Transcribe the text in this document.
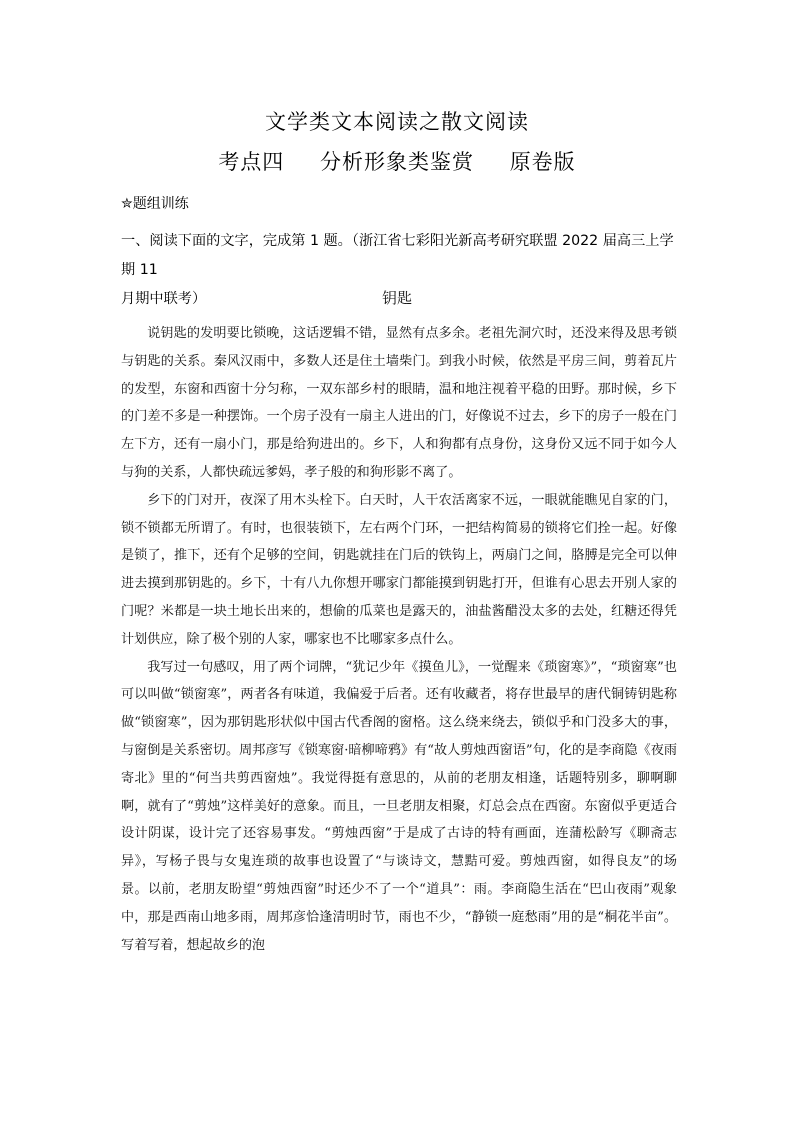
文学类文本阅读之散文阅读
考点四 分析形象类鉴赏 原卷版
✮题组训练
一、阅读下面的文字，完成第 1 题。（浙江省七彩阳光新高考研究联盟 2022 届高三上学期 11
月期中联考）	钥匙

说钥匙的发明要比锁晚，这话逻辑不错，显然有点多余。老祖先洞穴时，还没来得及思考锁与钥匙的关系。秦风汉雨中，多数人还是住土墙柴门。到我小时候，依然是平房三间，剪着瓦片的发型，东窗和西窗十分匀称，一双东部乡村的眼睛，温和地注视着平稳的田野。那时候，乡下的门差不多是一种摆饰。一个房子没有一扇主人进出的门，好像说不过去，乡下的房子一般在门左下方，还有一扇小门，那是给狗进出的。乡下，人和狗都有点身份，这身份又远不同于如今人与狗的关系，人都快疏远爹妈，孝子般的和狗形影不离了。

乡下的门对开，夜深了用木头栓下。白天时，人干农活离家不远，一眼就能瞧见自家的门，锁不锁都无所谓了。有时，也很装锁下，左右两个门环，一把结构简易的锁将它们拴一起。好像是锁了，推下，还有个足够的空间，钥匙就挂在门后的铁钩上，两扇门之间，胳膊是完全可以伸进去摸到那钥匙的。乡下，十有八九你想开哪家门都能摸到钥匙打开，但谁有心思去开别人家的门呢？米都是一块土地长出来的，想偷的瓜菜也是露天的，油盐酱醋没太多的去处，红糖还得凭计划供应，除了极个别的人家，哪家也不比哪家多点什么。

我写过一句感叹，用了两个词牌，“犹记少年《摸鱼儿》，一觉醒来《琐窗寒》”，“琐窗寒”也可以叫做“锁窗寒”，两者各有味道，我偏爱于后者。还有收藏者，将存世最早的唐代铜铸钥匙称做“锁窗寒”，因为那钥匙形状似中国古代香阁的窗格。这么绕来绕去，锁似乎和门没多大的事，与窗倒是关系密切。周邦彦写《锁寒窗·暗柳啼鸦》有“故人剪烛西窗语”句，化的是李商隐《夜雨寄北》里的“何当共剪西窗烛”。我觉得挺有意思的，从前的老朋友相逢，话题特别多，聊啊聊啊，就有了“剪烛”这样美好的意象。而且，一旦老朋友相聚，灯总会点在西窗。东窗似乎更适合设计阴谋，设计完了还容易事发。“剪烛西窗”于是成了古诗的特有画面，连蒲松龄写《聊斋志异》，写杨子畏与女鬼连琐的故事也设置了“与谈诗文，慧黠可爱。剪烛西窗，如得良友”的场景。以前，老朋友盼望“剪烛西窗”时还少不了一个“道具”：雨。李商隐生活在“巴山夜雨”观象中，那是西南山地多雨，周邦彦恰逢清明时节，雨也不少，“静锁一庭愁雨”用的是“桐花半亩”。写着写着，想起故乡的泡
